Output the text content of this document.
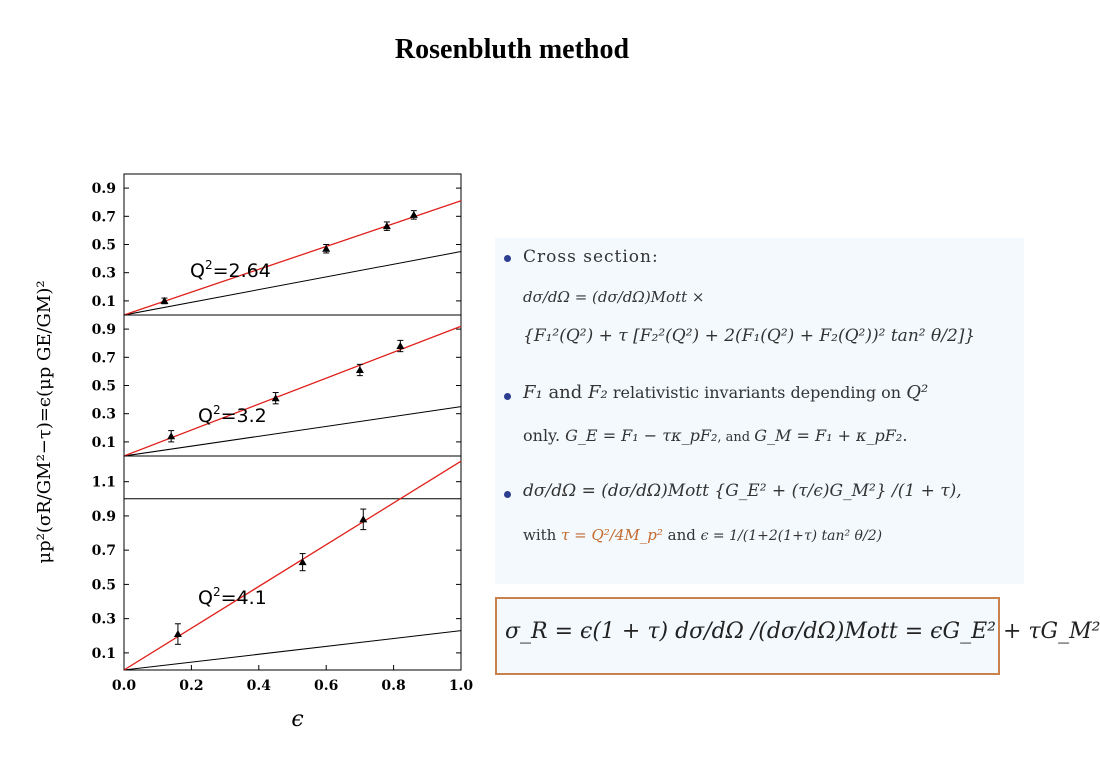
Rosenbluth method
0.1
0.3
0.5
0.7
0.9
$Q^2=2.64$
0.1
0.3
0.5
0.7
0.9
$Q^2=3.2$
0.1
0.3
0.5
0.7
0.9
1.1
$Q^2=4.1$
0.0	0.2	0.4	0.6	0.8	1.0
ϵ
μp²(σR/GM²−τ)=ϵ(μp GE/GM)²
Cross section:
dσ/dΩ = (dσ/dΩ)Mott ×
{F₁²(Q²) + τ [F₂²(Q²) + 2(F₁(Q²) + F₂(Q²))² tan² θ/2]}
F₁ and F₂ relativistic invariants depending on Q²
only. G_E = F₁ − τκ_pF₂, and G_M = F₁ + κ_pF₂.
dσ/dΩ = (dσ/dΩ)Mott {G_E² + (τ/ϵ)G_M²} /(1 + τ),
with τ = Q²/4M_p² and ϵ = 1/(1+2(1+τ) tan² θ/2)
σ_R = ϵ(1 + τ) dσ/dΩ /(dσ/dΩ)Mott = ϵG_E² + τG_M²
